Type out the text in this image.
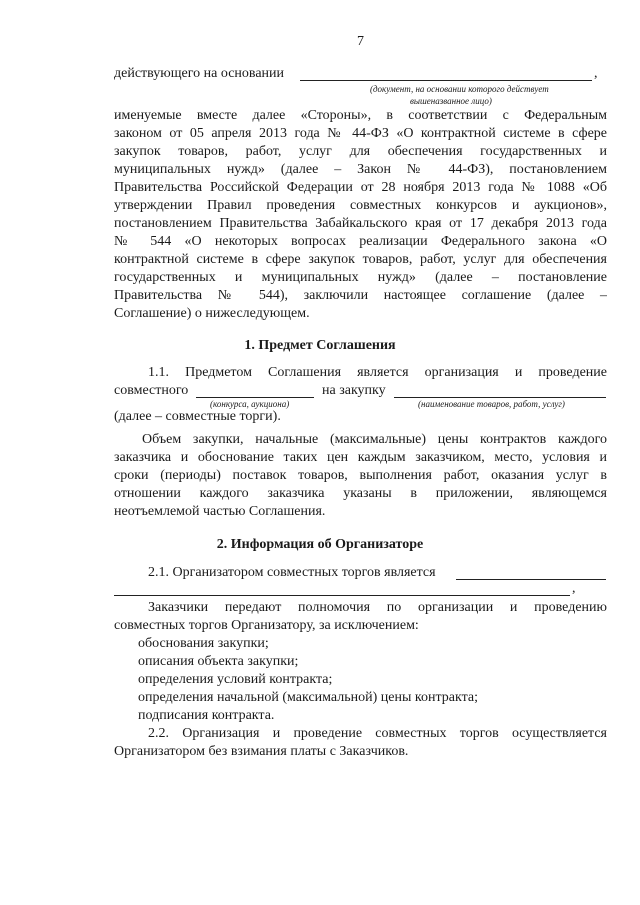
7
действующего на основании	,
(документ, на основании которого действует
вышеназванное лицо)
именуемые вместе далее «Стороны», в соответствии с Федеральным
законом от 05 апреля 2013 года № 44-ФЗ «О контрактной системе в сфере
закупок товаров, работ, услуг для обеспечения государственных и
муниципальных нужд» (далее – Закон № 44-ФЗ), постановлением
Правительства Российской Федерации от 28 ноября 2013 года № 1088 «Об
утверждении Правил проведения совместных конкурсов и аукционов»,
постановлением Правительства Забайкальского края от 17 декабря 2013 года
№ 544 «О некоторых вопросах реализации Федерального закона «О
контрактной системе в сфере закупок товаров, работ, услуг для обеспечения
государственных и муниципальных нужд» (далее – постановление
Правительства № 544), заключили настоящее соглашение (далее –
Соглашение) о нижеследующем.
1. Предмет Соглашения
1.1. Предметом Соглашения является организация и проведение
совместного	на закупку
(конкурса, аукциона)	(наименование товаров, работ, услуг)
(далее – совместные торги).
Объем закупки, начальные (максимальные) цены контрактов каждого
заказчика и обоснование таких цен каждым заказчиком, место, условия и
сроки (периоды) поставок товаров, выполнения работ, оказания услуг в
отношении каждого заказчика указаны в приложении, являющемся
неотъемлемой частью Соглашения.
2. Информация об Организаторе
2.1. Организатором совместных торгов является
,
Заказчики передают полномочия по организации и проведению
совместных торгов Организатору, за исключением:
обоснования закупки;
описания объекта закупки;
определения условий контракта;
определения начальной (максимальной) цены контракта;
подписания контракта.
2.2. Организация и проведение совместных торгов осуществляется
Организатором без взимания платы с Заказчиков.
